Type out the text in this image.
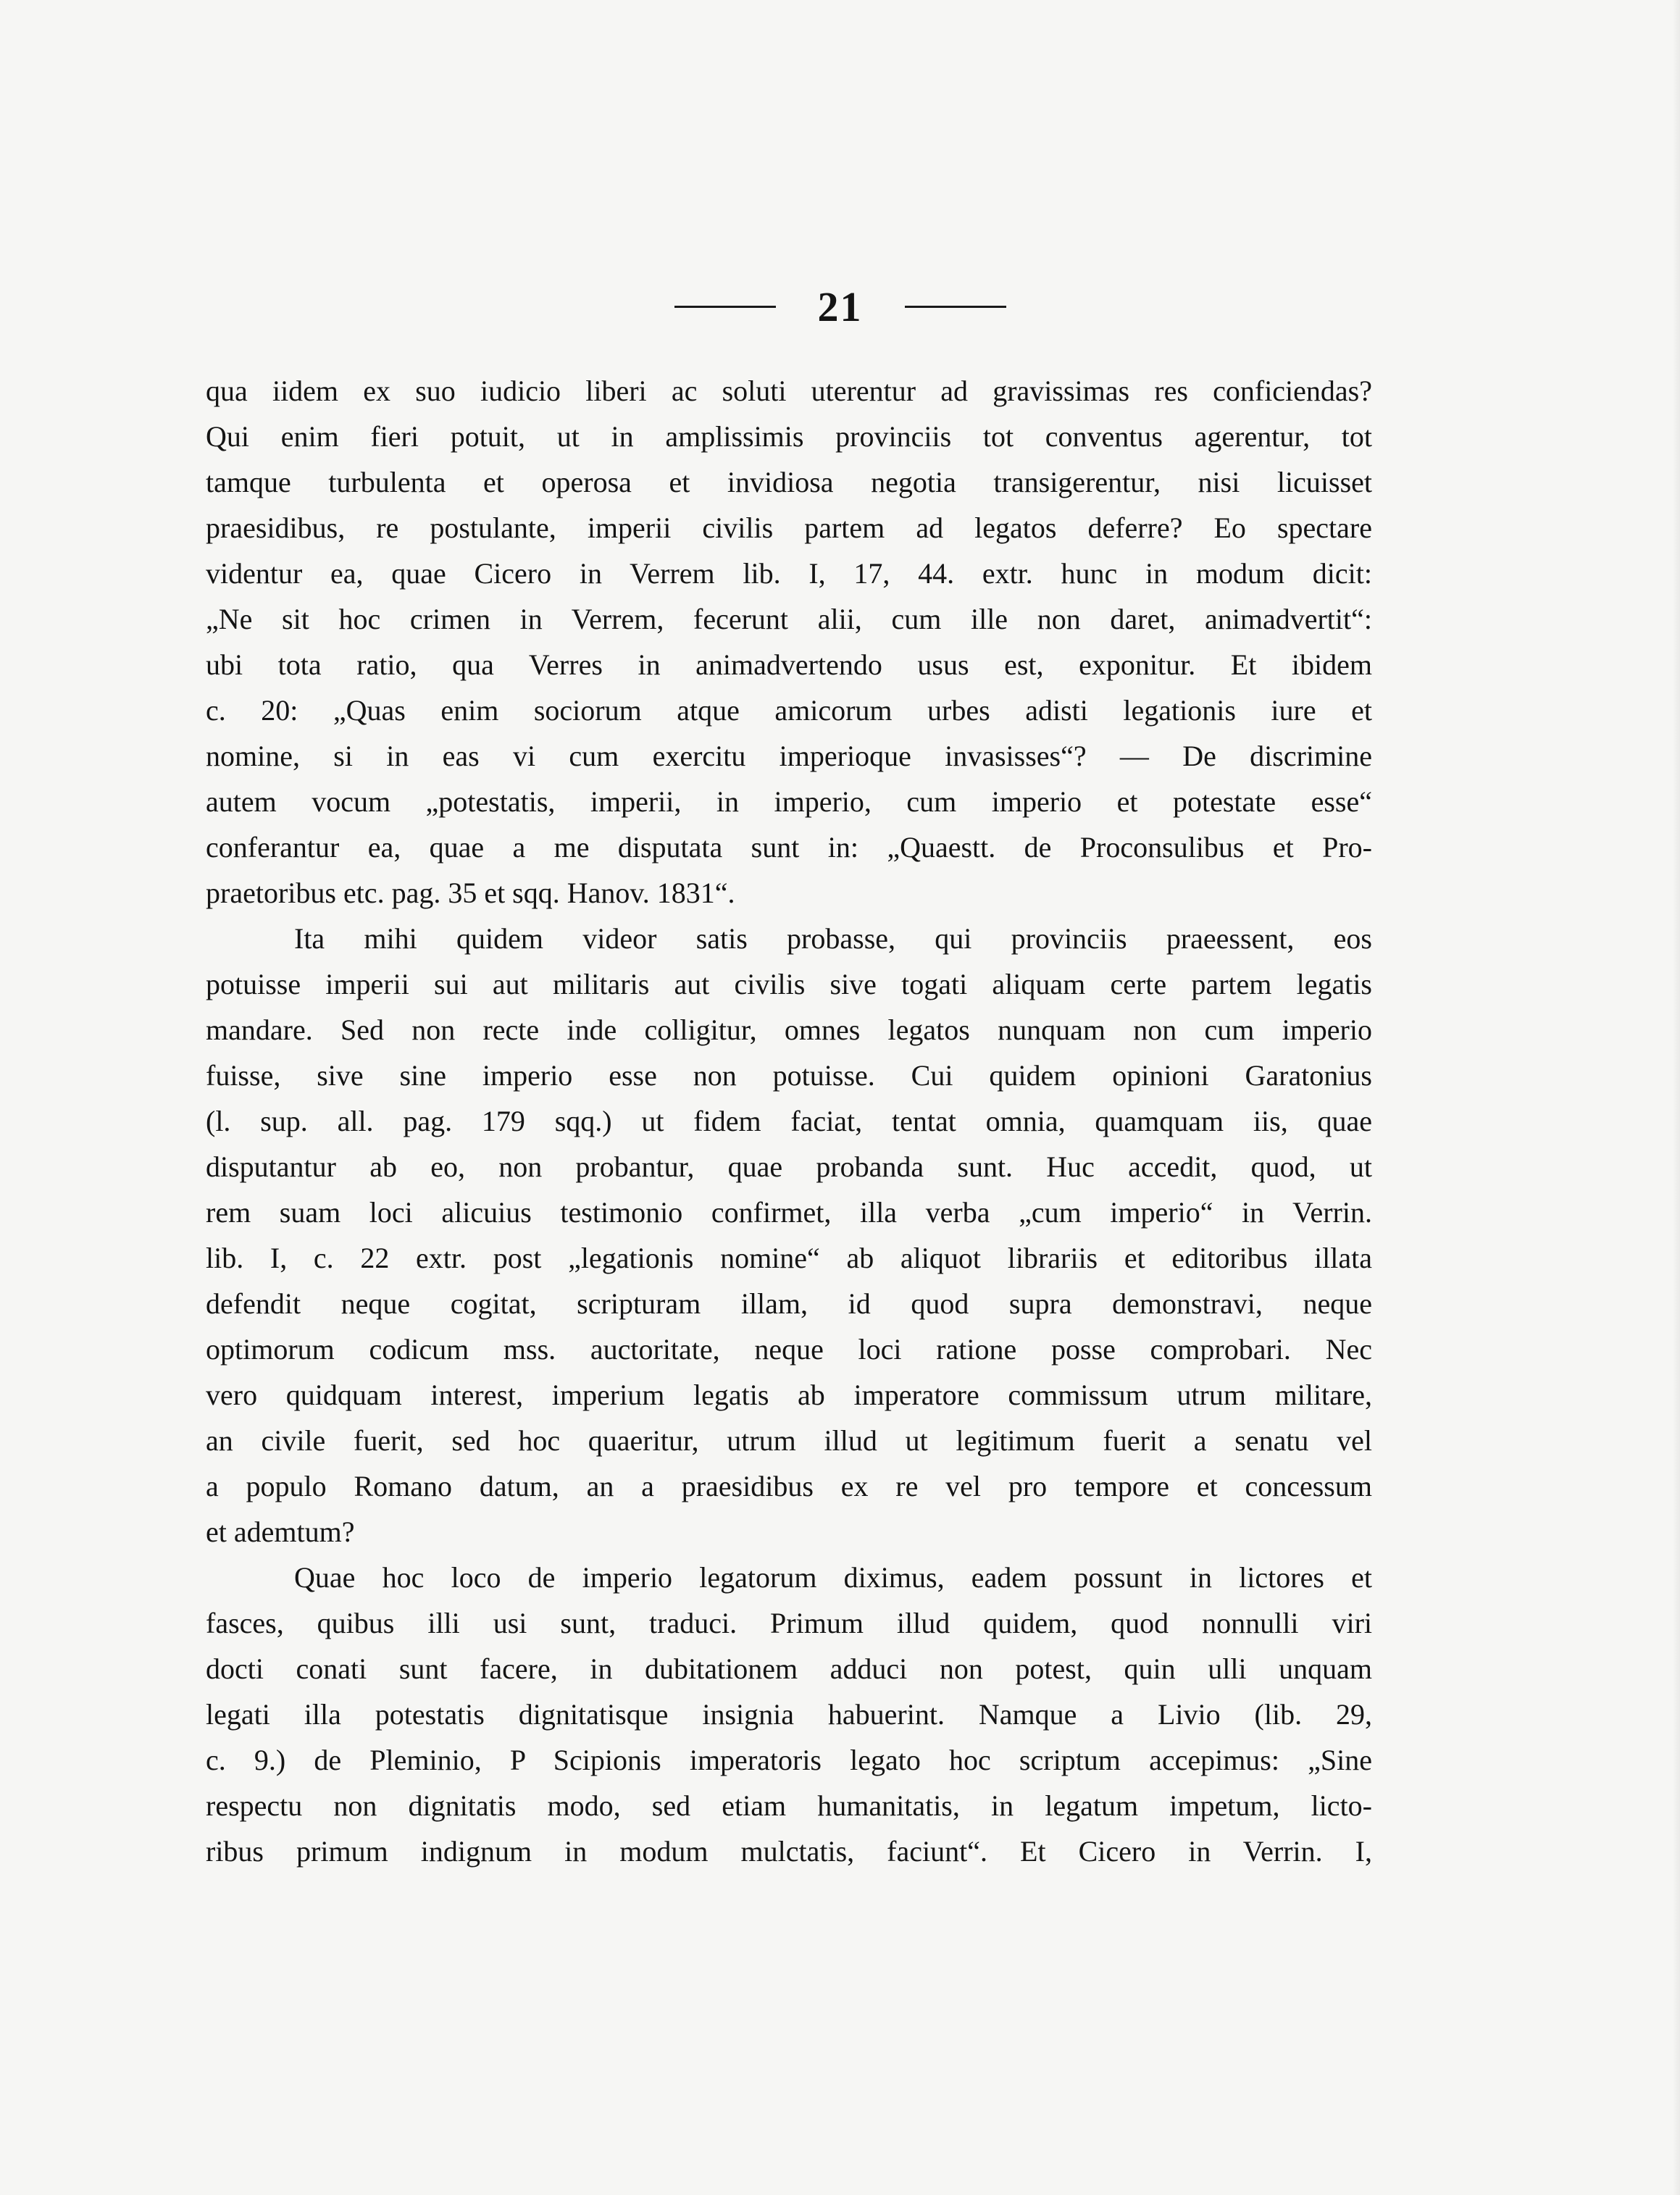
21
qua iidem ex suo iudicio liberi ac soluti uterentur ad gravissimas res conficiendas?
Qui enim fieri potuit, ut in amplissimis provinciis tot conventus agerentur, tot
tamque turbulenta et operosa et invidiosa negotia transigerentur, nisi licuisset
praesidibus, re postulante, imperii civilis partem ad legatos deferre? Eo spectare
videntur ea, quae Cicero in Verrem lib. I, 17, 44. extr. hunc in modum dicit:
„Ne sit hoc crimen in Verrem, fecerunt alii, cum ille non daret, animadvertit“:
ubi tota ratio, qua Verres in animadvertendo usus est, exponitur. Et ibidem
c. 20: „Quas enim sociorum atque amicorum urbes adisti legationis iure et
nomine, si in eas vi cum exercitu imperioque invasisses“? — De discrimine
autem vocum „potestatis, imperii, in imperio, cum imperio et potestate esse“
conferantur ea, quae a me disputata sunt in: „Quaestt. de Proconsulibus et Pro-
praetoribus etc. pag. 35 et sqq. Hanov. 1831“.
Ita mihi quidem videor satis probasse, qui provinciis praeessent, eos
potuisse imperii sui aut militaris aut civilis sive togati aliquam certe partem legatis
mandare. Sed non recte inde colligitur, omnes legatos nunquam non cum imperio
fuisse, sive sine imperio esse non potuisse. Cui quidem opinioni Garatonius
(l. sup. all. pag. 179 sqq.) ut fidem faciat, tentat omnia, quamquam iis, quae
disputantur ab eo, non probantur, quae probanda sunt. Huc accedit, quod, ut
rem suam loci alicuius testimonio confirmet, illa verba „cum imperio“ in Verrin.
lib. I, c. 22 extr. post „legationis nomine“ ab aliquot librariis et editoribus illata
defendit neque cogitat, scripturam illam, id quod supra demonstravi, neque
optimorum codicum mss. auctoritate, neque loci ratione posse comprobari. Nec
vero quidquam interest, imperium legatis ab imperatore commissum utrum militare,
an civile fuerit, sed hoc quaeritur, utrum illud ut legitimum fuerit a senatu vel
a populo Romano datum, an a praesidibus ex re vel pro tempore et concessum
et ademtum?
Quae hoc loco de imperio legatorum diximus, eadem possunt in lictores et
fasces, quibus illi usi sunt, traduci. Primum illud quidem, quod nonnulli viri
docti conati sunt facere, in dubitationem adduci non potest, quin ulli unquam
legati illa potestatis dignitatisque insignia habuerint. Namque a Livio (lib. 29,
c. 9.) de Pleminio, P Scipionis imperatoris legato hoc scriptum accepimus: „Sine
respectu non dignitatis modo, sed etiam humanitatis, in legatum impetum, licto-
ribus primum indignum in modum mulctatis, faciunt“. Et Cicero in Verrin. I,
